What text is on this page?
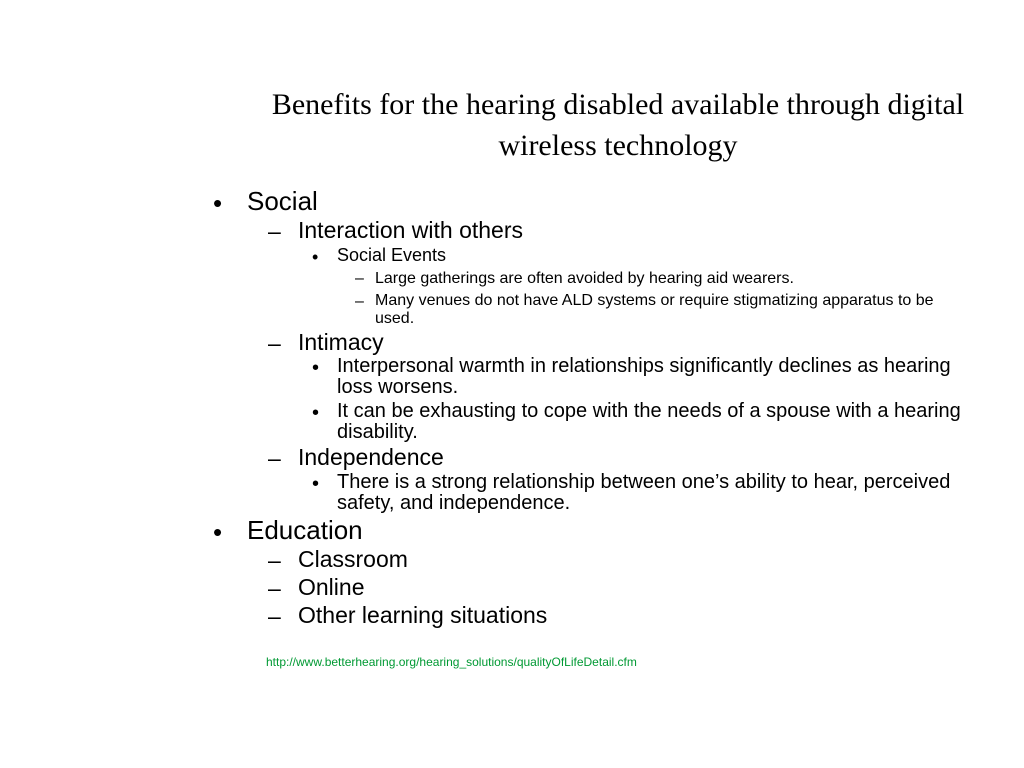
Benefits for the hearing disabled available through digital wireless technology
• Social
– Interaction with others
• Social Events
– Large gatherings are often avoided by hearing aid wearers.
– Many venues do not have ALD systems or require stigmatizing apparatus to be used.
– Intimacy
• Interpersonal warmth in relationships significantly declines as hearing loss worsens.
• It can be exhausting to cope with the needs of a spouse with a hearing disability.
– Independence
• There is a strong relationship between one’s ability to hear, perceived safety, and independence.
• Education
– Classroom
– Online
– Other learning situations
http://www.betterhearing.org/hearing_solutions/qualityOfLifeDetail.cfm
